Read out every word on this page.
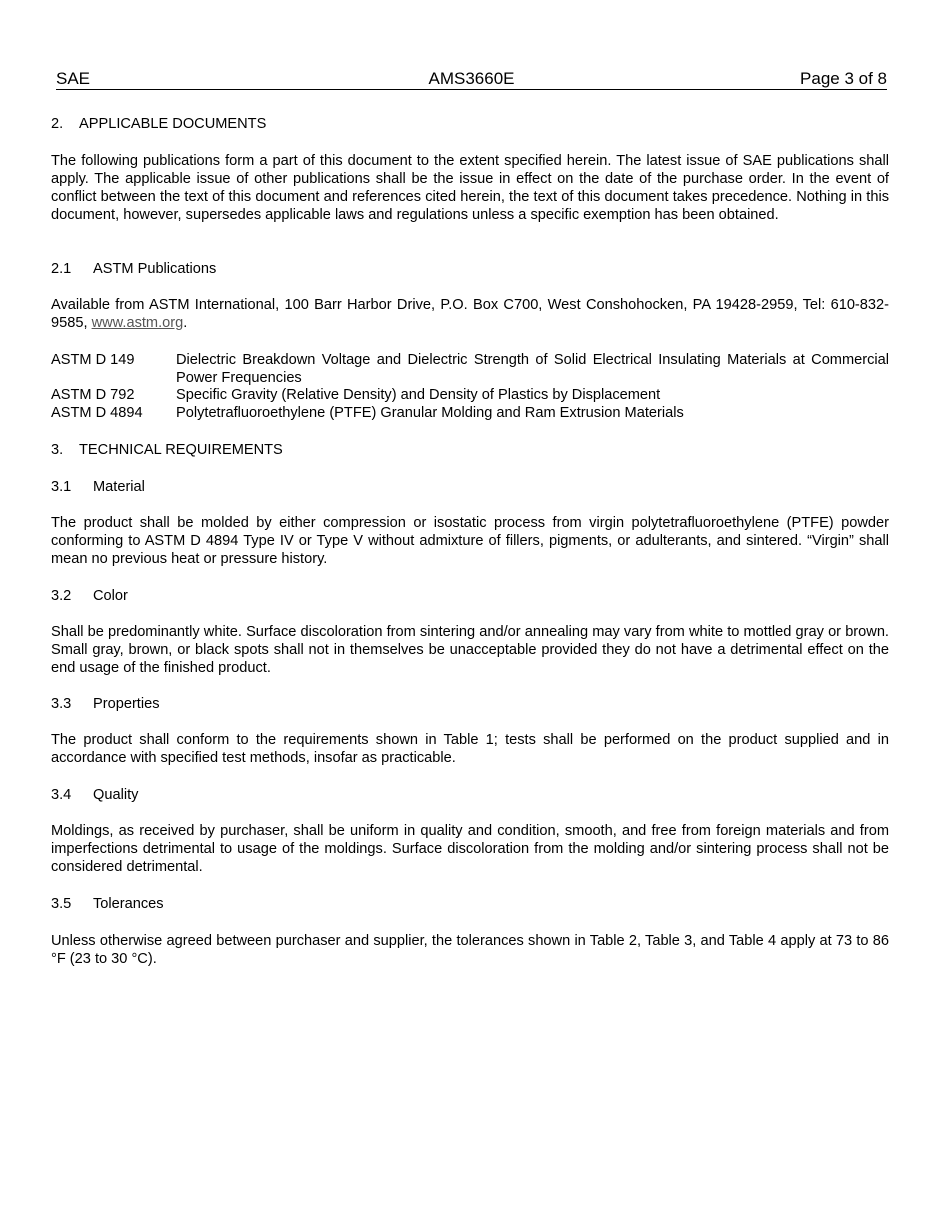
SAE	AMS3660E	Page 3 of 8
2. APPLICABLE DOCUMENTS
The following publications form a part of this document to the extent specified herein. The latest issue of SAE publications shall apply. The applicable issue of other publications shall be the issue in effect on the date of the purchase order. In the event of conflict between the text of this document and references cited herein, the text of this document takes precedence. Nothing in this document, however, supersedes applicable laws and regulations unless a specific exemption has been obtained.
2.1 ASTM Publications
Available from ASTM International, 100 Barr Harbor Drive, P.O. Box C700, West Conshohocken, PA 19428-2959, Tel: 610-832-9585, www.astm.org.
ASTM D 149	Dielectric Breakdown Voltage and Dielectric Strength of Solid Electrical Insulating Materials at Commercial Power Frequencies
ASTM D 792	Specific Gravity (Relative Density) and Density of Plastics by Displacement
ASTM D 4894 Polytetrafluoroethylene (PTFE) Granular Molding and Ram Extrusion Materials
3. TECHNICAL REQUIREMENTS
3.1 Material
The product shall be molded by either compression or isostatic process from virgin polytetrafluoroethylene (PTFE) powder conforming to ASTM D 4894 Type IV or Type V without admixture of fillers, pigments, or adulterants, and sintered. “Virgin” shall mean no previous heat or pressure history.
3.2 Color
Shall be predominantly white. Surface discoloration from sintering and/or annealing may vary from white to mottled gray or brown. Small gray, brown, or black spots shall not in themselves be unacceptable provided they do not have a detrimental effect on the end usage of the finished product.
3.3 Properties
The product shall conform to the requirements shown in Table 1; tests shall be performed on the product supplied and in accordance with specified test methods, insofar as practicable.
3.4 Quality
Moldings, as received by purchaser, shall be uniform in quality and condition, smooth, and free from foreign materials and from imperfections detrimental to usage of the moldings. Surface discoloration from the molding and/or sintering process shall not be considered detrimental.
3.5 Tolerances
Unless otherwise agreed between purchaser and supplier, the tolerances shown in Table 2, Table 3, and Table 4 apply at 73 to 86 °F (23 to 30 °C).
